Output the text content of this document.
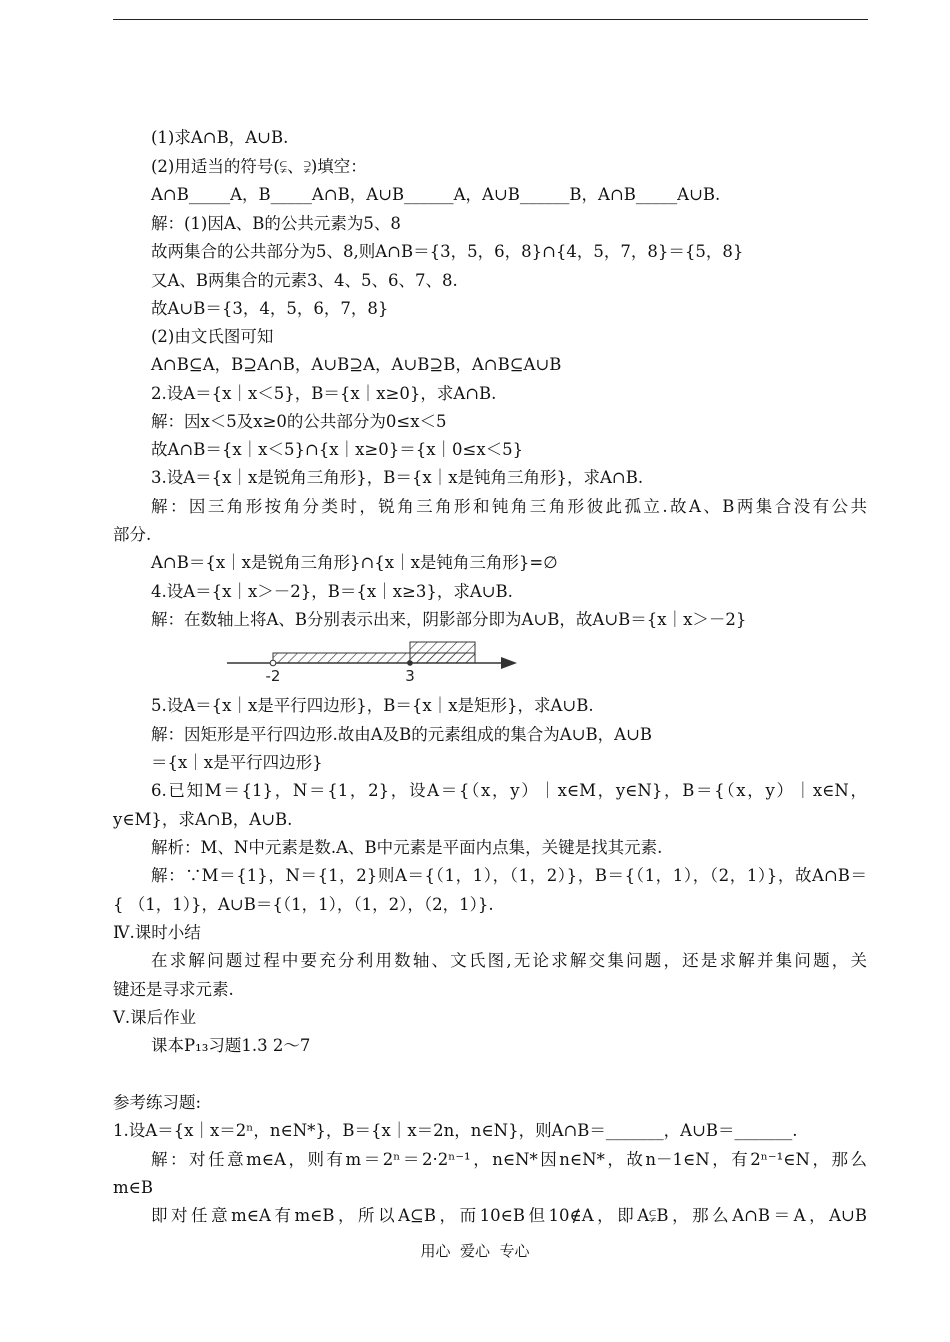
(1)求A∩B，A∪B.
(2)用适当的符号(⫋、⫌)填空：
A∩B_____A，B_____A∩B，A∪B______A，A∪B______B，A∩B_____A∪B.
解：(1)因A、B的公共元素为5、8
故两集合的公共部分为5、8,则A∩B＝{3，5，6，8}∩{4，5，7，8}＝{5，8}
又A、B两集合的元素3、4、5、6、7、8.
故A∪B＝{3，4，5，6，7，8}
(2)由文氏图可知
A∩B⊆A，B⊇A∩B，A∪B⊇A，A∪B⊇B，A∩B⊆A∪B
2.设A＝{x｜x＜5}，B＝{x｜x≥0}，求A∩B.
解：因x＜5及x≥0的公共部分为0≤x＜5
故A∩B＝{x｜x＜5}∩{x｜x≥0}＝{x｜0≤x＜5}
3.设A＝{x｜x是锐角三角形}，B＝{x｜x是钝角三角形}，求A∩B.
解：因三角形按角分类时，锐角三角形和钝角三角形彼此孤立.故A、B两集合没有公共
部分.
A∩B＝{x｜x是锐角三角形}∩{x｜x是钝角三角形}=∅
4.设A＝{x｜x＞－2}，B＝{x｜x≥3}，求A∪B.
解：在数轴上将A、B分别表示出来，阴影部分即为A∪B，故A∪B＝{x｜x＞－2}
-2	3
5.设A＝{x｜x是平行四边形}，B＝{x｜x是矩形}，求A∪B.
解：因矩形是平行四边形.故由A及B的元素组成的集合为A∪B，A∪B
＝{x｜x是平行四边形}
6.已知M＝{1}，N＝{1，2}，设A＝{（x，y）｜x∈M，y∈N}，B＝{（x，y）｜x∈N，
y∈M}，求A∩B，A∪B.
解析：M、N中元素是数.A、B中元素是平面内点集，关键是找其元素.
解：∵M＝{1}，N＝{1，2}则A＝{（1，1），（1，2）}，B＝{（1，1），（2，1）}，故A∩B＝
{ （1，1）}，A∪B＝{（1，1），（1，2），（2，1）}.
Ⅳ.课时小结
在求解问题过程中要充分利用数轴、文氏图,无论求解交集问题，还是求解并集问题，关
键还是寻求元素.
Ⅴ.课后作业
课本P₁₃习题1.3 2～7
参考练习题:
1.设A＝{x｜x＝2ⁿ，n∈N*}，B＝{x｜x＝2n，n∈N}，则A∩B＝_______，A∪B＝_______.
解：对任意m∈A，则有m＝2ⁿ＝2·2ⁿ⁻¹，n∈N*因n∈N*，故n－1∈N，有2ⁿ⁻¹∈N，那么
m∈B
即对任意m∈A有m∈B，所以A⊆B，而10∈B但10∉A，即A⫋B，那么A∩B＝A，A∪B
用心  爱心  专心
